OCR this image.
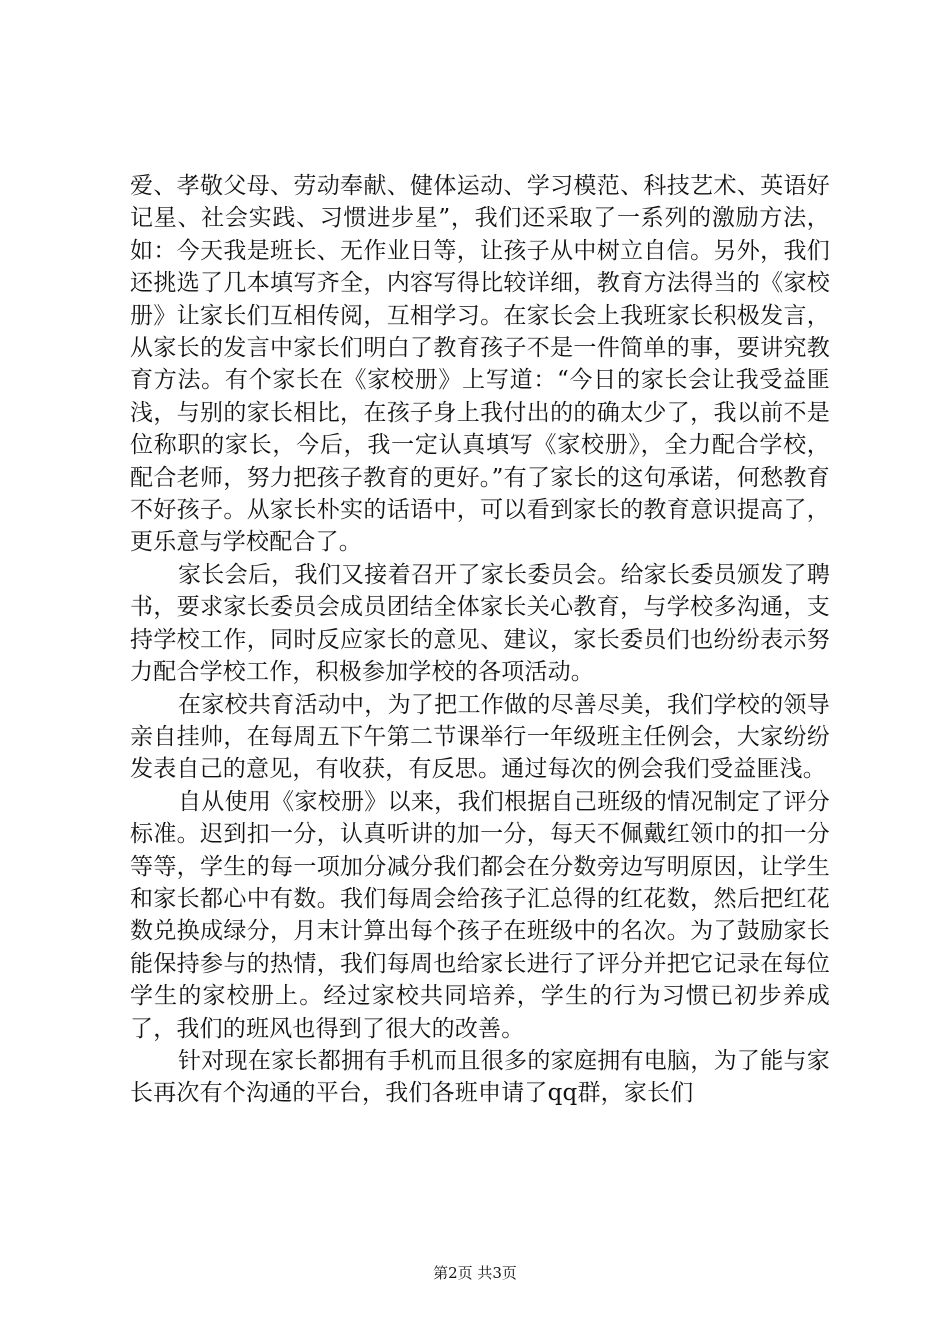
爱、孝敬父母、劳动奉献、健体运动、学习模范、科技艺术、英语好记星、社会实践、习惯进步星”，我们还采取了一系列的激励方法，如：今天我是班长、无作业日等，让孩子从中树立自信。另外，我们还挑选了几本填写齐全，内容写得比较详细，教育方法得当的《家校册》让家长们互相传阅，互相学习。在家长会上我班家长积极发言，从家长的发言中家长们明白了教育孩子不是一件简单的事，要讲究教育方法。有个家长在《家校册》上写道：“今日的家长会让我受益匪浅，与别的家长相比，在孩子身上我付出的的确太少了，我以前不是位称职的家长，今后，我一定认真填写《家校册》，全力配合学校，配合老师，努力把孩子教育的更好。”有了家长的这句承诺，何愁教育不好孩子。从家长朴实的话语中，可以看到家长的教育意识提高了，更乐意与学校配合了。

家长会后，我们又接着召开了家长委员会。给家长委员颁发了聘书，要求家长委员会成员团结全体家长关心教育，与学校多沟通，支持学校工作，同时反应家长的意见、建议，家长委员们也纷纷表示努力配合学校工作，积极参加学校的各项活动。

在家校共育活动中，为了把工作做的尽善尽美，我们学校的领导亲自挂帅，在每周五下午第二节课举行一年级班主任例会，大家纷纷发表自己的意见，有收获，有反思。通过每次的例会我们受益匪浅。

自从使用《家校册》以来，我们根据自己班级的情况制定了评分标准。迟到扣一分，认真听讲的加一分，每天不佩戴红领巾的扣一分等等，学生的每一项加分减分我们都会在分数旁边写明原因，让学生和家长都心中有数。我们每周会给孩子汇总得的红花数，然后把红花数兑换成绿分，月末计算出每个孩子在班级中的名次。为了鼓励家长能保持参与的热情，我们每周也给家长进行了评分并把它记录在每位学生的家校册上。经过家校共同培养，学生的行为习惯已初步养成了，我们的班风也得到了很大的改善。

针对现在家长都拥有手机而且很多的家庭拥有电脑，为了能与家长再次有个沟通的平台，我们各班申请了qq群，家长们

第2页 共3页
